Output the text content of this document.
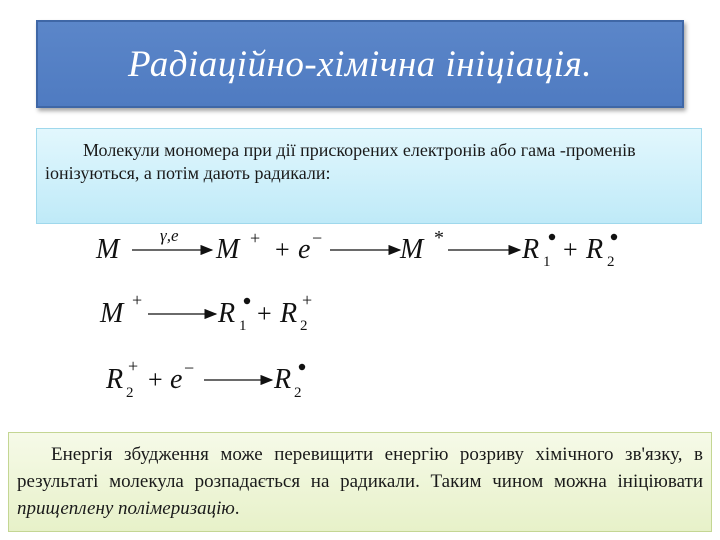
Радіаційно-хімічна ініціація.

Молекули мономера при дії прискорених електронів або гама -променів іонізуються, а потім дають радикали:

M γ,e M + + e −	M *	R 1 + R 2
M +	R 1 + R +
2
R +
2 + e −	R 2

Енергія збудження може перевищити енергію розриву хімічного зв'язку, в результаті молекула розпадається на радикали. Таким чином можна ініціювати прищеплену полімеризацію.
